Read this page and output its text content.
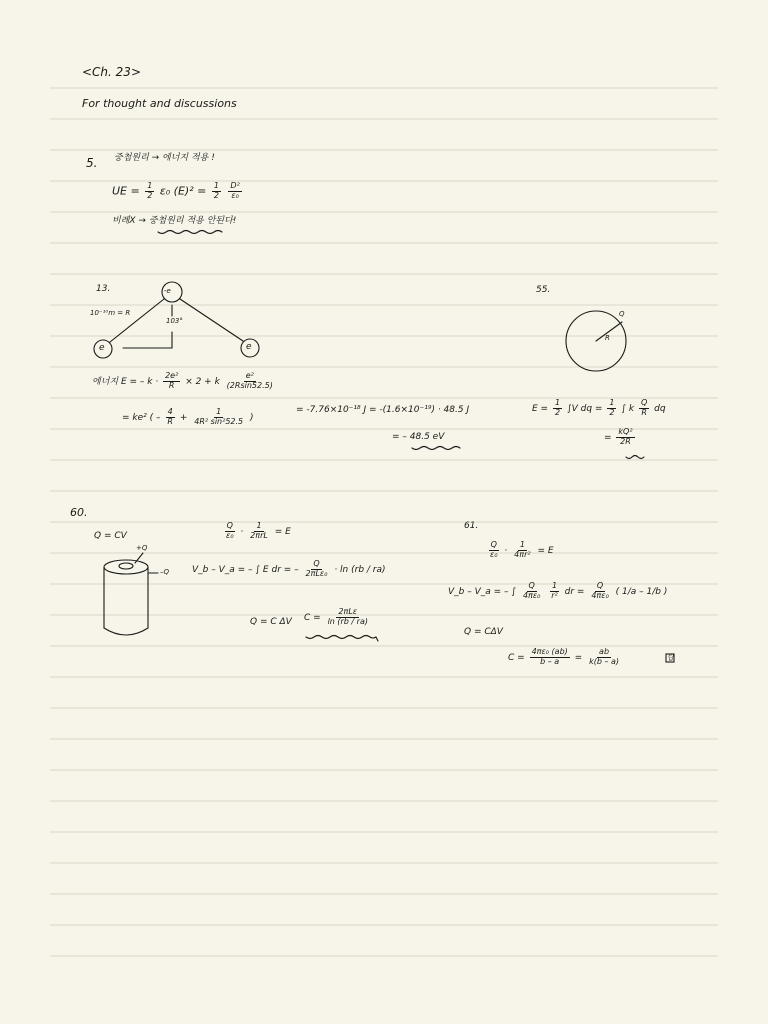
<Ch. 23>
For thought and discussions
5. 중첩원리 → 에너지 적용 !
UE = $\frac{1}{2} \varepsilon_0$ $(E)^2 = \frac{1}{2}$
$\frac{\text{D²}}{\text{ε₀}}$
비례X → 중첩원리 적용 안된다!
13.	-e
e	e
10⁻¹⁰m = R
103°
에너지 E = – $k \cdot \frac{\text{2e²}}{R} \times 2 + k \frac{\text{e²}}{(2Rsin52.5)}$
= ke² ( – $\frac{4}{R} + \frac{1}{\text{4R² sin²52.5}}$ )
= -7.76×10⁻¹⁸ J = -(1.6×10⁻¹⁹) · 48.5 J
= – 48.5 eV
55.
Q
R
$E = \frac{1}{2} \int V$ dq = $\frac{1}{2}$ ∫ k $\frac{Q}{R}$ dq
= $\frac{\text{kQ²}}{2R}$
60.
Q = CV
+Q
–Q
$\frac{Q}{\text{ε₀}} \cdot \frac{1}{\text{2πrL}} = E$
V_b – V_a = – ∫ E dr = – $\frac{Q}{\text{2πLε₀}} \cdot \ln (rb / ra)$
Q = C ΔV $C = \frac{\text{2πLε}}{\ln (rb / ra)}$
61.
$\frac{Q}{\text{ε₀}} \cdot \frac{1}{\text{4πr²}} = E$
V_b – V_a = – ∫ $\frac{Q}{\text{4πε₀}}$
$\frac{1}{\text{r²}}$ dr = $\frac{Q}{\text{4πε₀}}$ ( 1/a – 1/b )
Q = CΔV
$C = \frac{\text{4πε₀ (ab)}}{b - a} = \frac{ab}{k(b - a)}$	답
